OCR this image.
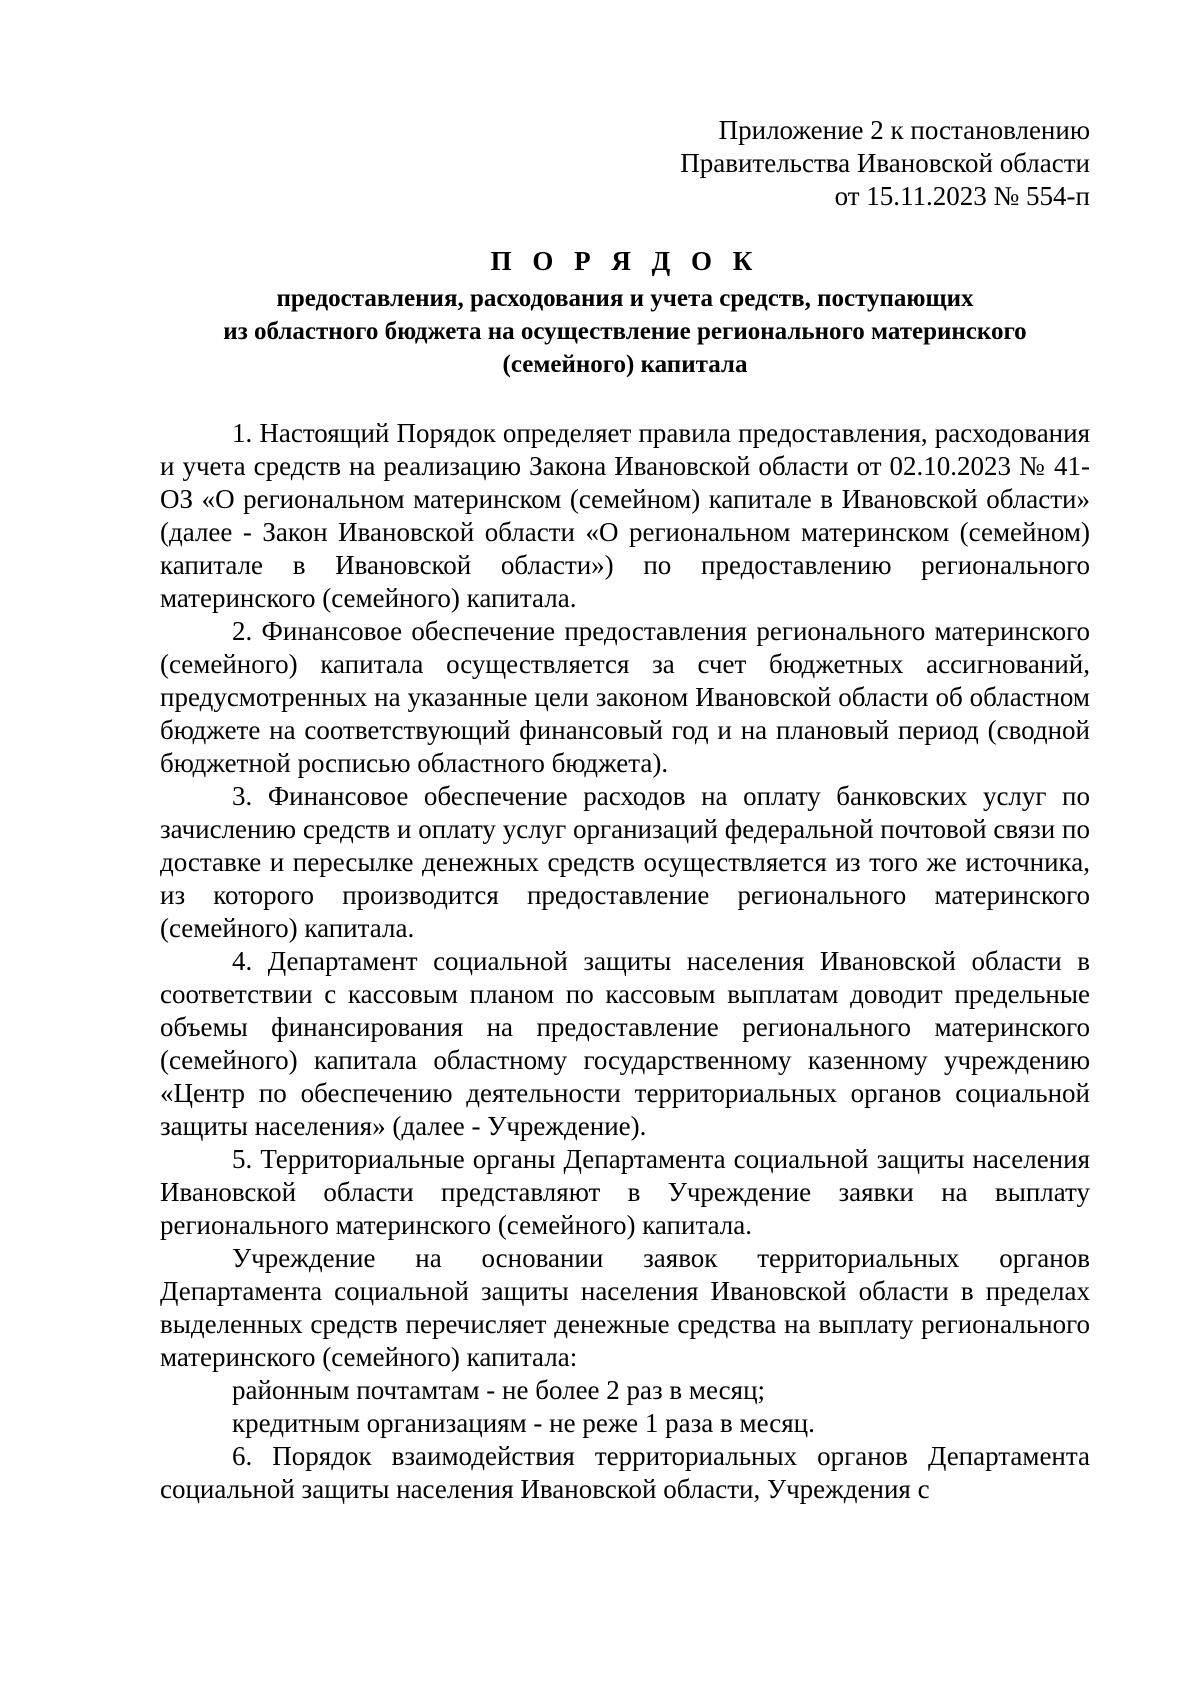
Приложение 2 к постановлению
Правительства Ивановской области
от 15.11.2023 № 554-п
П О Р Я Д О К
предоставления, расходования и учета средств, поступающих
из областного бюджета на осуществление регионального материнского
(семейного) капитала

1. Настоящий Порядок определяет правила предоставления, расходования и учета средств на реализацию Закона Ивановской области от 02.10.2023 № 41-ОЗ «О региональном материнском (семейном) капитале в Ивановской области» (далее - Закон Ивановской области «О региональном материнском (семейном) капитале в Ивановской области») по предоставлению регионального материнского (семейного) капитала.

2. Финансовое обеспечение предоставления регионального материнского (семейного) капитала осуществляется за счет бюджетных ассигнований, предусмотренных на указанные цели законом Ивановской области об областном бюджете на соответствующий финансовый год и на плановый период (сводной бюджетной росписью областного бюджета).

3. Финансовое обеспечение расходов на оплату банковских услуг по зачислению средств и оплату услуг организаций федеральной почтовой связи по доставке и пересылке денежных средств осуществляется из того же источника, из которого производится предоставление регионального материнского (семейного) капитала.

4. Департамент социальной защиты населения Ивановской области в соответствии с кассовым планом по кассовым выплатам доводит предельные объемы финансирования на предоставление регионального материнского (семейного) капитала областному государственному казенному учреждению «Центр по обеспечению деятельности территориальных органов социальной защиты населения» (далее - Учреждение).

5. Территориальные органы Департамента социальной защиты населения Ивановской области представляют в Учреждение заявки на выплату регионального материнского (семейного) капитала.

Учреждение на основании заявок территориальных органов Департамента социальной защиты населения Ивановской области в пределах выделенных средств перечисляет денежные средства на выплату регионального материнского (семейного) капитала:

районным почтамтам - не более 2 раз в месяц;

кредитным организациям - не реже 1 раза в месяц.

6. Порядок взаимодействия территориальных органов Департамента социальной защиты населения Ивановской области, Учреждения с
